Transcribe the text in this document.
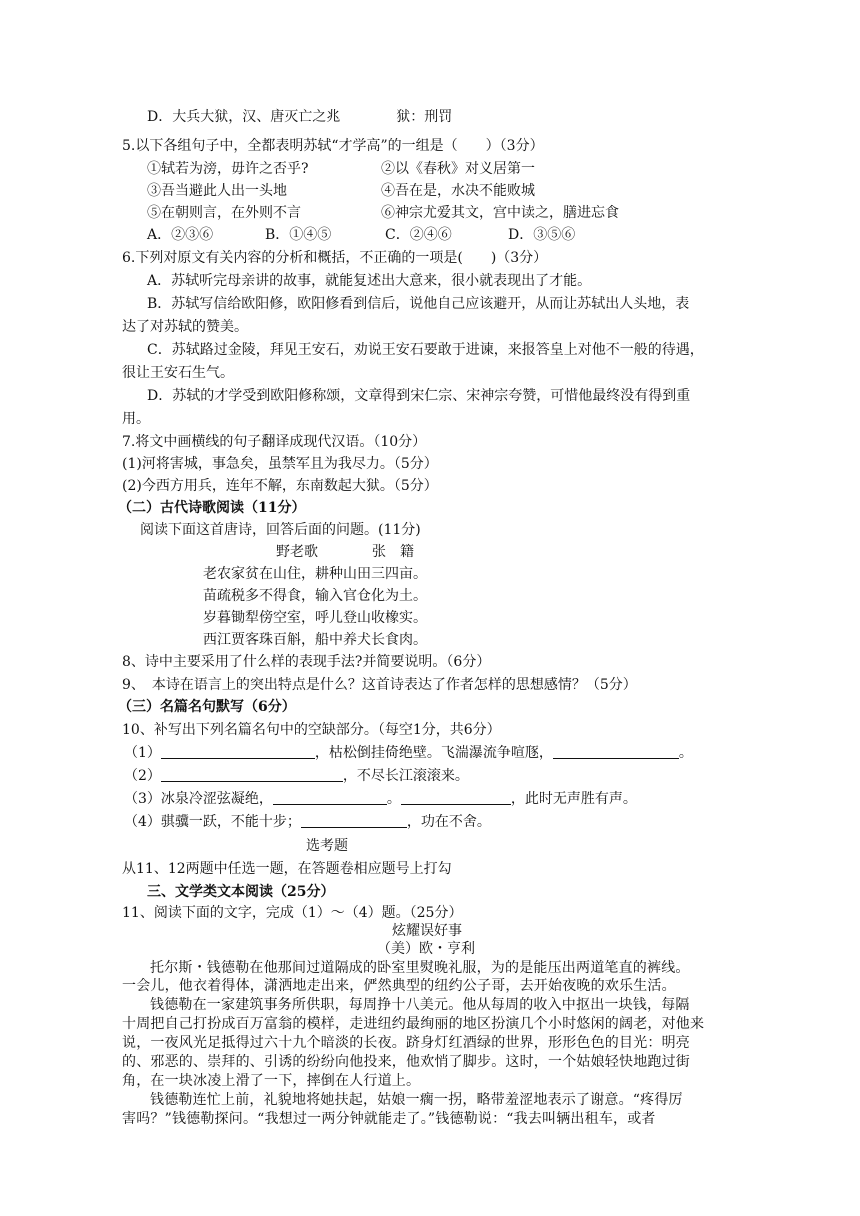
D．大兵大狱，汉、唐灭亡之兆　　　　狱：刑罚
5.以下各组句子中，全都表明苏轼“才学高”的一组是（　　）（3分）
①轼若为滂，毋许之否乎?	②以《春秋》对义居第一
③吾当避此人出一头地	④吾在是，水决不能败城
⑤在朝则言，在外则不言	⑥神宗尤爱其文，宫中读之，膳进忘食
A．②③⑥	B．①④⑤	C．②④⑥	D．③⑤⑥
6.下列对原文有关内容的分析和概括，不正确的一项是(　　)（3分）
A．苏轼听完母亲讲的故事，就能复述出大意来，很小就表现出了才能。
B．苏轼写信给欧阳修，欧阳修看到信后，说他自己应该避开，从而让苏轼出人头地，表
达了对苏轼的赞美。
C．苏轼路过金陵，拜见王安石，劝说王安石要敢于进谏，来报答皇上对他不一般的待遇，
很让王安石生气。
D．苏轼的才学受到欧阳修称颂，文章得到宋仁宗、宋神宗夸赞，可惜他最终没有得到重
用。
7.将文中画横线的句子翻译成现代汉语。（10分）
(1)河将害城，事急矣，虽禁军且为我尽力。（5分）
(2)今西方用兵，连年不解，东南数起大狱。（5分）
（二）古代诗歌阅读（11分）
阅读下面这首唐诗，回答后面的问题。(11分)
野老歌	张　籍
老农家贫在山住，耕种山田三四亩。
苗疏税多不得食，输入官仓化为土。
岁暮锄犁傍空室，呼儿登山收橡实。
西江贾客珠百斛，船中养犬长食肉。
8、诗中主要采用了什么样的表现手法?并简要说明。（6分）
9、　本诗在语言上的突出特点是什么？这首诗表达了作者怎样的思想感情？（5分）
（三）名篇名句默写（6分）
10、补写出下列名篇名句中的空缺部分。（每空1分，共6分）
（1）	，枯松倒挂倚绝壁。飞湍瀑流争喧豗，	。
（2）	，不尽长江滚滚来。
（3）冰泉冷涩弦凝绝，	。	，此时无声胜有声。
（4）骐骥一跃，不能十步；	，功在不舍。
选考题
从11、12两题中任选一题，在答题卷相应题号上打勾
三、文学类文本阅读（25分）
11、阅读下面的文字，完成（1）～（4）题。（25分）
炫耀误好事
（美）欧・亨利
托尔斯・钱德勒在他那间过道隔成的卧室里熨晚礼服，为的是能压出两道笔直的裤线。
一会儿，他衣着得体，潇洒地走出来，俨然典型的纽约公子哥，去开始夜晚的欢乐生活。
钱德勒在一家建筑事务所供职，每周挣十八美元。他从每周的收入中抠出一块钱，每隔
十周把自己打扮成百万富翁的模样，走进纽约最绚丽的地区扮演几个小时悠闲的阔老，对他来
说，一夜风光足抵得过六十九个暗淡的长夜。跻身灯红酒绿的世界，形形色色的目光：明亮
的、邪恶的、崇拜的、引诱的纷纷向他投来，他欢悄了脚步。这时，一个姑娘轻快地跑过街
角，在一块冰凌上滑了一下，摔倒在人行道上。
钱德勒连忙上前，礼貌地将她扶起，姑娘一瘸一拐，略带羞涩地表示了谢意。“疼得厉
害吗？”钱德勒探问。“我想过一两分钟就能走了。”钱德勒说：“我去叫辆出租车，或者
